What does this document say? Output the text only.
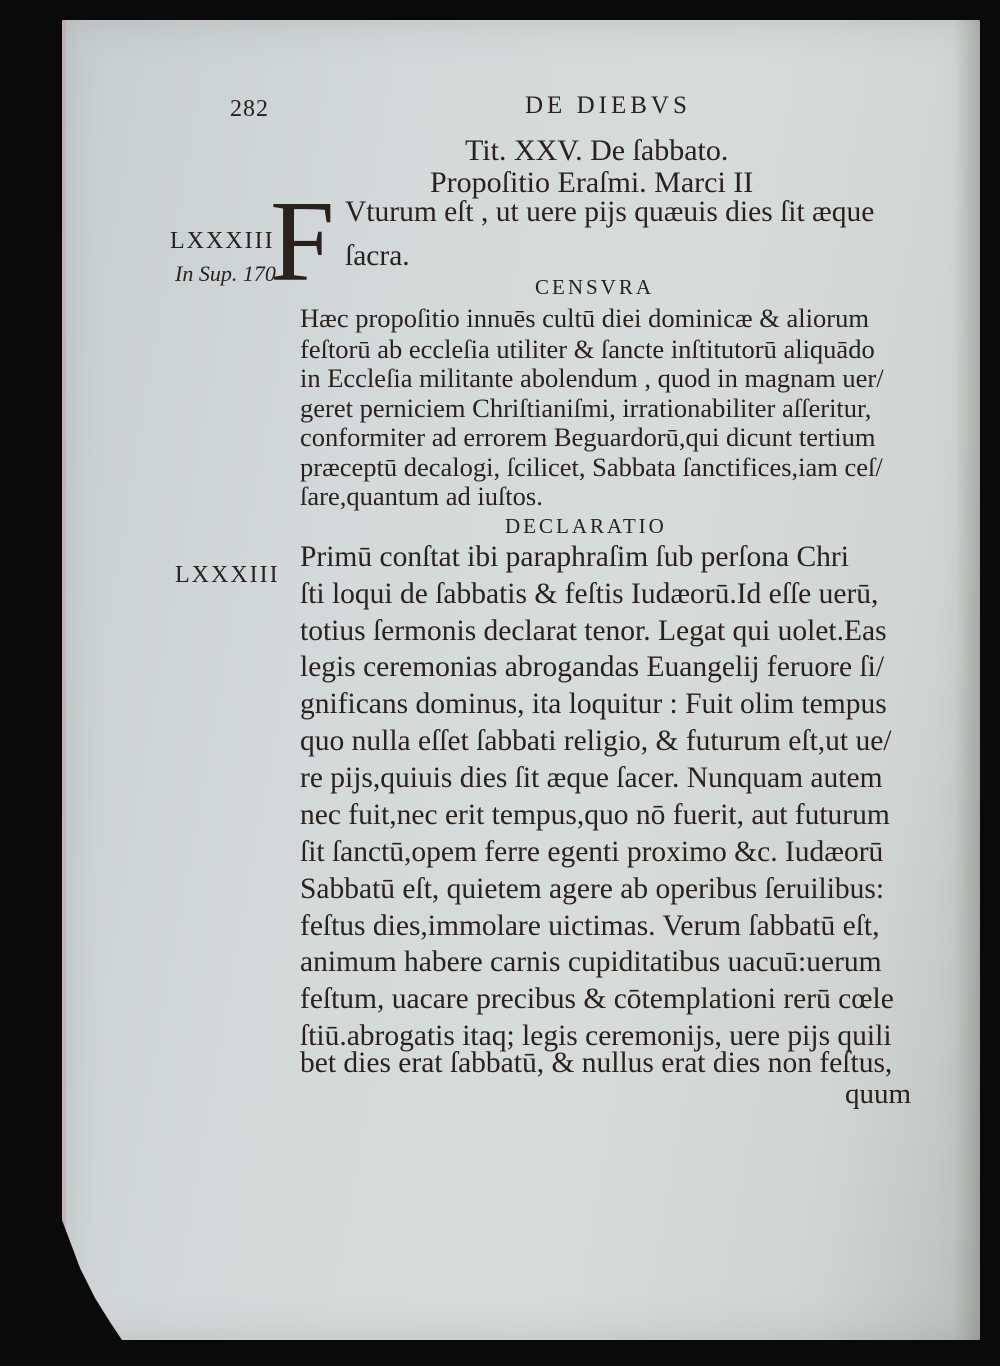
282	DE DIEBVS
Tit. XXV. De ſabbato.
Propoſitio Eraſmi. Marci II
F Vturum eſt , ut uere pijs quæuis dies ſit æque
ſacra.
LXXXIII
In Sup. 170
LXXXIII
CENSVRA
Hæc propoſitio innuēs cultū diei dominicæ & aliorum
feſtorū ab eccleſia utiliter & ſancte inſtitutorū aliquādo
in Eccleſia militante abolendum , quod in magnam uer/
geret perniciem Chriſtianiſmi, irrationabiliter aſſeritur,
conformiter ad errorem Beguardorū,qui dicunt tertium
præceptū decalogi, ſcilicet, Sabbata ſanctifices,iam ceſ/
ſare,quantum ad iuſtos.
DECLARATIO
Primū conſtat ibi paraphraſim ſub perſona Chri
ſti loqui de ſabbatis & feſtis Iudæorū.Id eſſe uerū,
totius ſermonis declarat tenor. Legat qui uolet.Eas
legis ceremonias abrogandas Euangelij feruore ſi/
gnificans dominus, ita loquitur : Fuit olim tempus
quo nulla eſſet ſabbati religio, & futurum eſt,ut ue/
re pijs,quiuis dies ſit æque ſacer. Nunquam autem
nec fuit,nec erit tempus,quo nō fuerit, aut futurum
ſit ſanctū,opem ferre egenti proximo &c. Iudæorū
Sabbatū eſt, quietem agere ab operibus ſeruilibus:
feſtus dies,immolare uictimas. Verum ſabbatū eſt,
animum habere carnis cupiditatibus uacuū:uerum
feſtum, uacare precibus & cōtemplationi rerū cœle
ſtiū.abrogatis itaq; legis ceremonijs, uere pijs quili
bet dies erat ſabbatū, & nullus erat dies non feſtus,
quum
